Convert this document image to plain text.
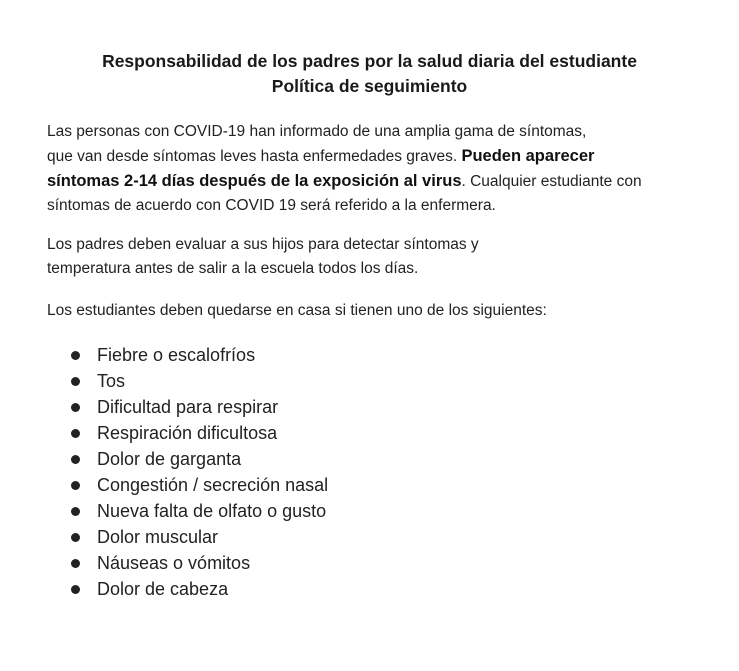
Responsabilidad de los padres por la salud diaria del estudiante
Política de seguimiento
Las personas con COVID-19 han informado de una amplia gama de síntomas,
que van desde síntomas leves hasta enfermedades graves. Pueden aparecer
síntomas 2-14 días después de la exposición al virus. Cualquier estudiante con
síntomas de acuerdo con COVID 19 será referido a la enfermera.
Los padres deben evaluar a sus hijos para detectar síntomas y
temperatura antes de salir a la escuela todos los días.
Los estudiantes deben quedarse en casa si tienen uno de los siguientes:
Fiebre o escalofríos
Tos
Dificultad para respirar
Respiración dificultosa
Dolor de garganta
Congestión / secreción nasal
Nueva falta de olfato o gusto
Dolor muscular
Náuseas o vómitos
Dolor de cabeza
